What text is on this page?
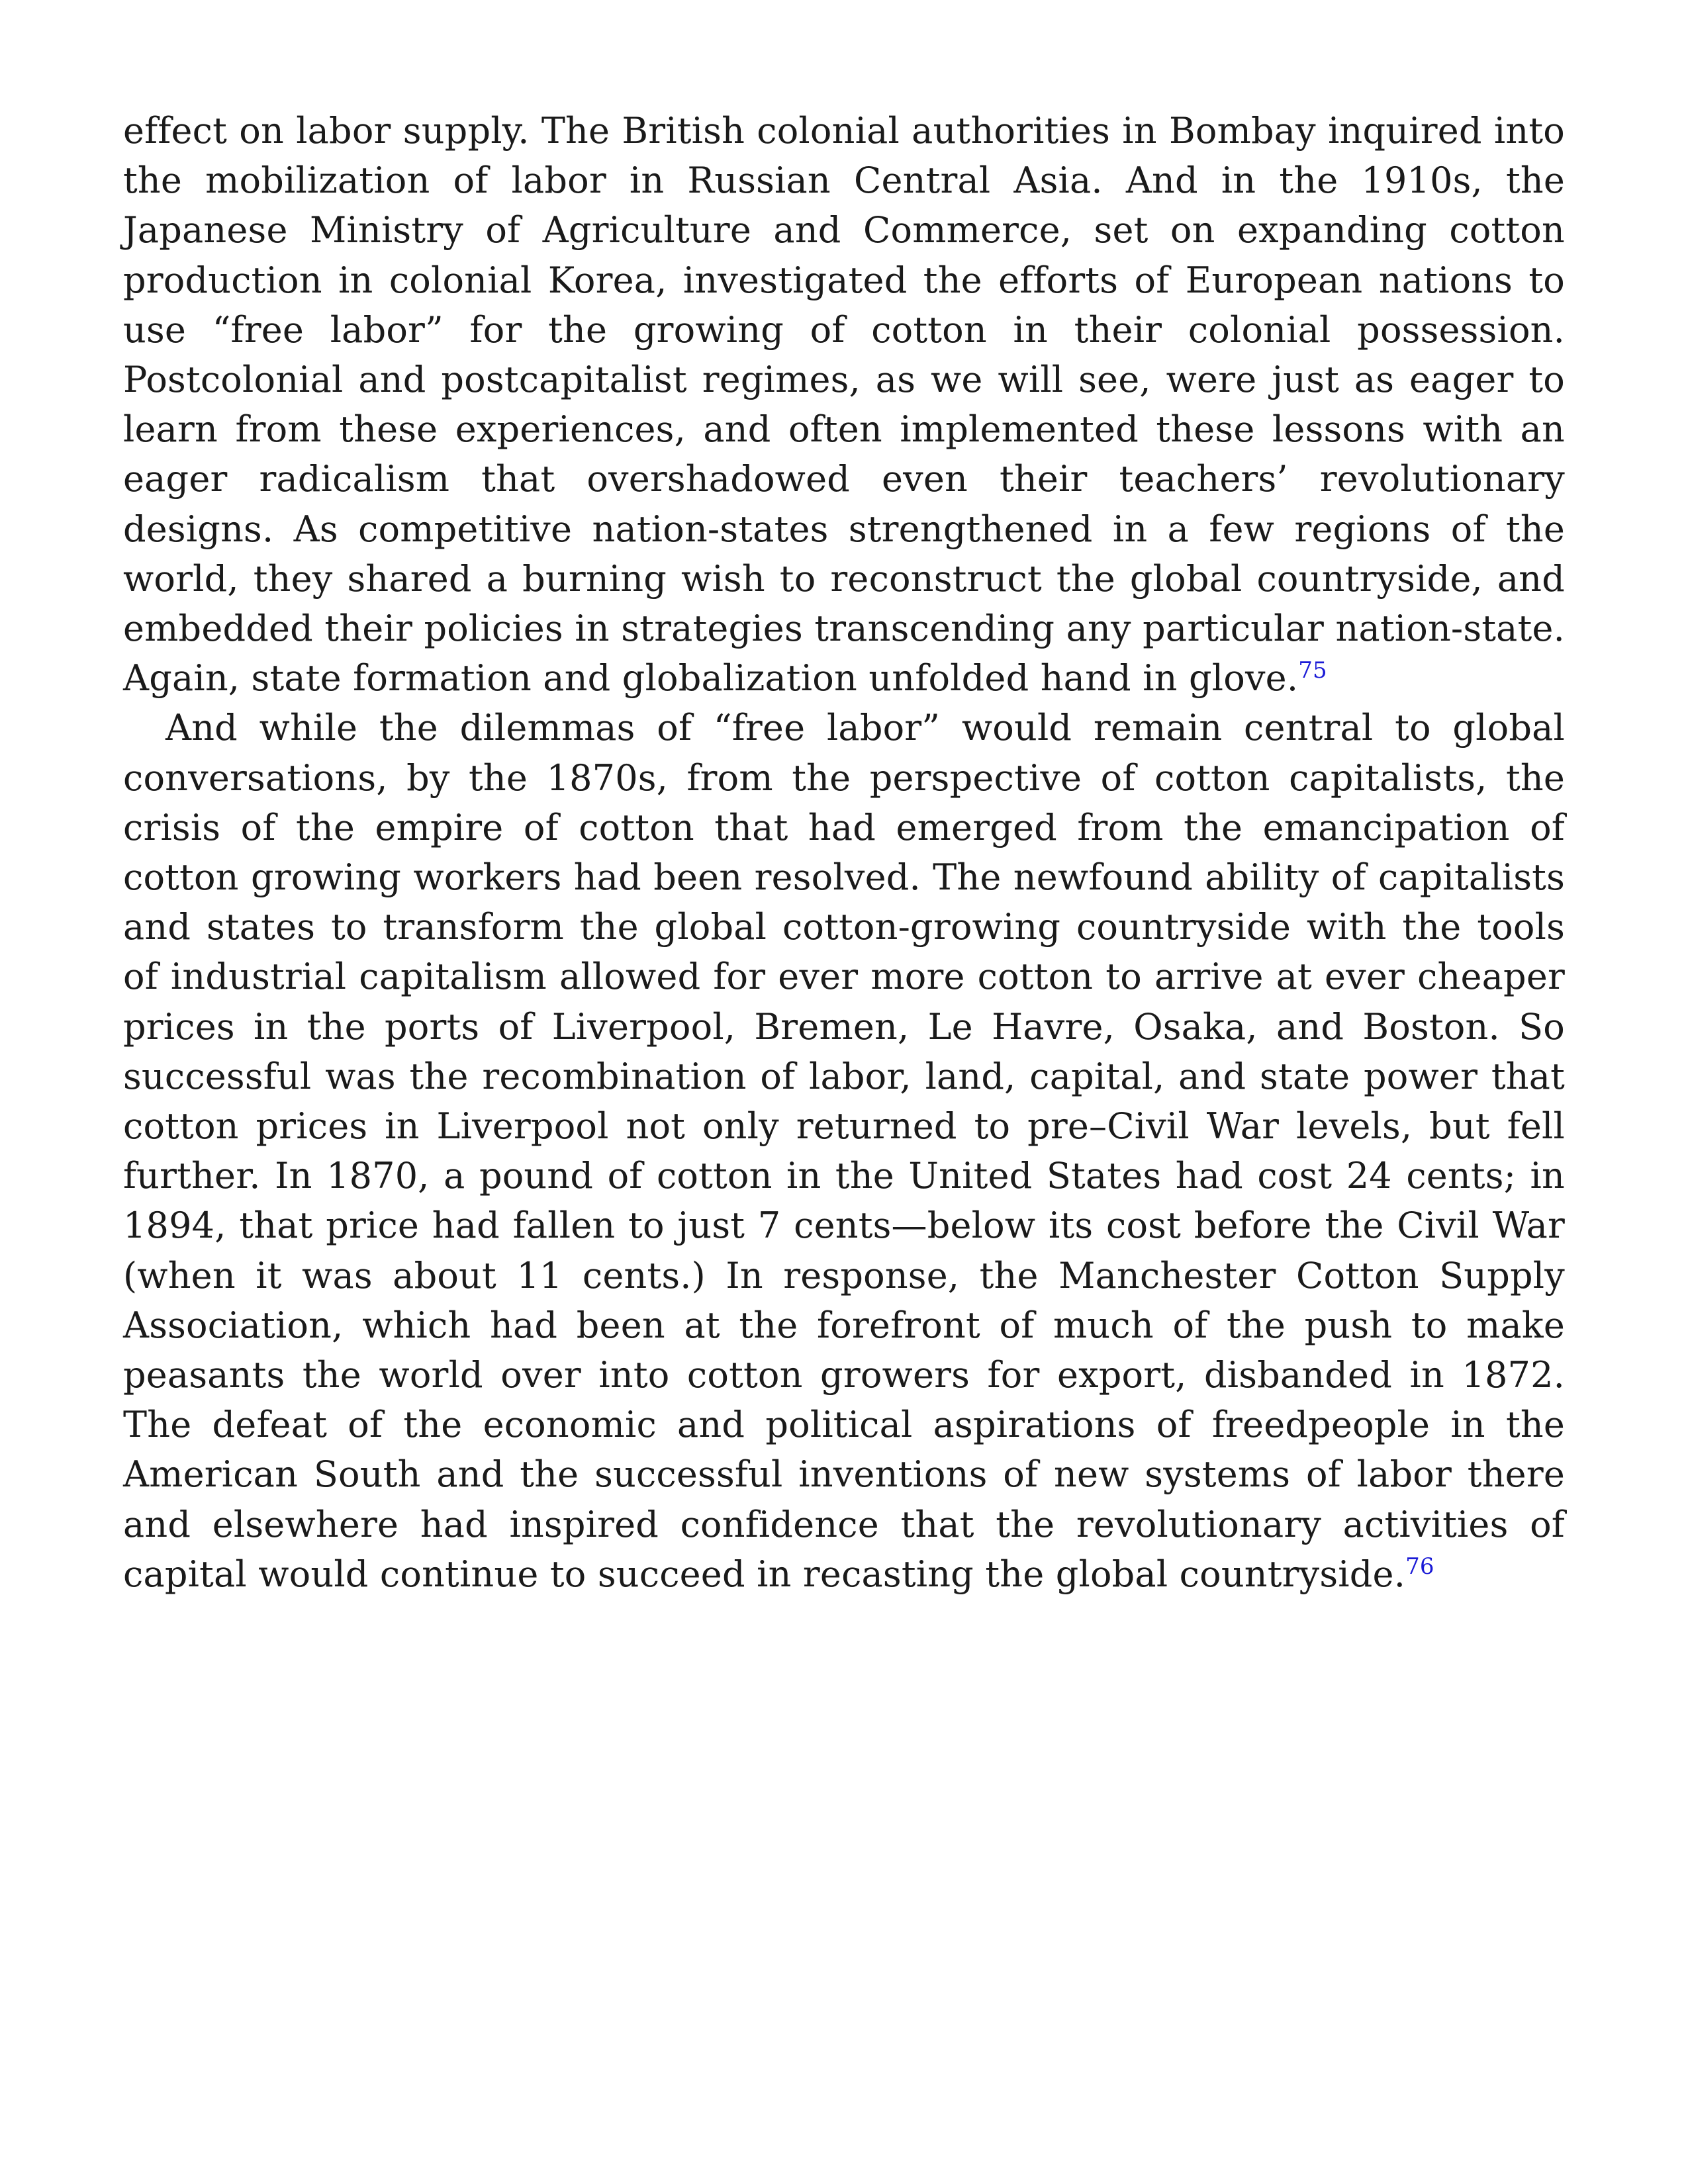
effect on labor supply. The British colonial authorities in Bombay inquired into the mobilization of labor in Russian Central Asia. And in the 1910s, the Japanese Ministry of Agriculture and Commerce, set on expanding cotton production in colonial Korea, investigated the efforts of European nations to use “free labor” for the growing of cotton in their colonial possession. Postcolonial and postcapitalist regimes, as we will see, were just as eager to learn from these experiences, and often implemented these lessons with an eager radicalism that overshadowed even their teachers’ revolutionary designs. As competitive nation-states strengthened in a few regions of the world, they shared a burning wish to reconstruct the global countryside, and embedded their policies in strategies transcending any particular nation-state. Again, state formation and globalization unfolded hand in glove.$^{75}$

And while the dilemmas of “free labor” would remain central to global conversations, by the 1870s, from the perspective of cotton capitalists, the crisis of the empire of cotton that had emerged from the emancipation of cotton growing workers had been resolved. The newfound ability of capitalists and states to transform the global cotton-growing countryside with the tools of industrial capitalism allowed for ever more cotton to arrive at ever cheaper prices in the ports of Liverpool, Bremen, Le Havre, Osaka, and Boston. So successful was the recombination of labor, land, capital, and state power that cotton prices in Liverpool not only returned to pre–Civil War levels, but fell further. In 1870, a pound of cotton in the United States had cost 24 cents; in 1894, that price had fallen to just 7 cents—below its cost before the Civil War (when it was about 11 cents.) In response, the Manchester Cotton Supply Association, which had been at the forefront of much of the push to make peasants the world over into cotton growers for export, disbanded in 1872. The defeat of the economic and political aspirations of freedpeople in the American South and the successful inventions of new systems of labor there and elsewhere had inspired confidence that the revolutionary activities of capital would continue to succeed in recasting the global countryside.$^{76}$
